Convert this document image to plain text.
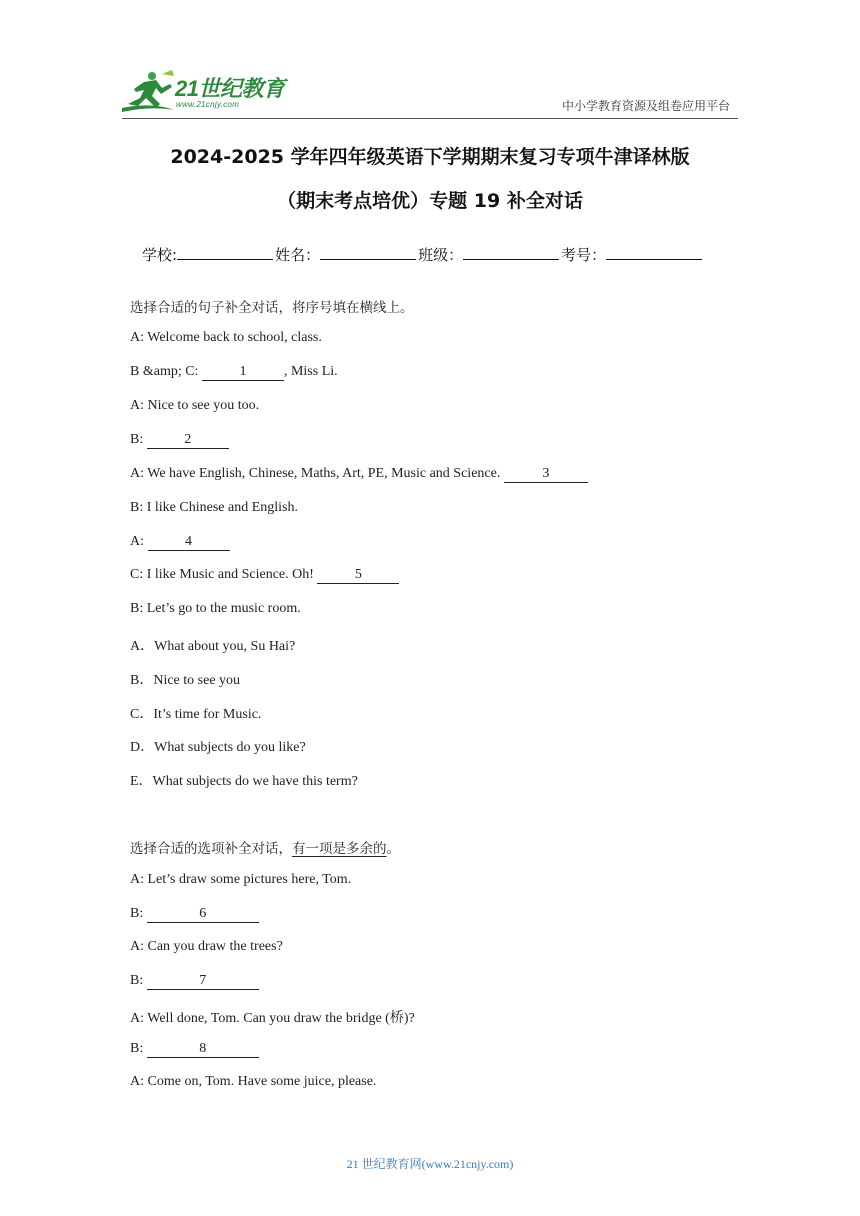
21世纪教育
www.21cnjy.com	中小学教育资源及组卷应用平台
2024-2025 学年四年级英语下学期期末复习专项牛津译林版
（期末考点培优）专题 19 补全对话
学校:	姓名：	班级：	考号：
选择合适的句子补全对话，将序号填在横线上。
A: Welcome back to school, class.
B &amp; C:	1	, Miss Li.
A: Nice to see you too.
B:	2
A: We have English, Chinese, Maths, Art, PE, Music and Science.	3
B: I like Chinese and English.
A:	4
C: I like Music and Science. Oh!	5
B: Let’s go to the music room.
A．What about you, Su Hai?
B．Nice to see you
C．It’s time for Music.
D．What subjects do you like?
E．What subjects do we have this term?
选择合适的选项补全对话，有一项是多余的。
A: Let’s draw some pictures here, Tom.
B:	6
A: Can you draw the trees?
B:	7
A: Well done, Tom. Can you draw the bridge (桥)?
B:	8
A: Come on, Tom. Have some juice, please.
21 世纪教育网(www.21cnjy.com)
